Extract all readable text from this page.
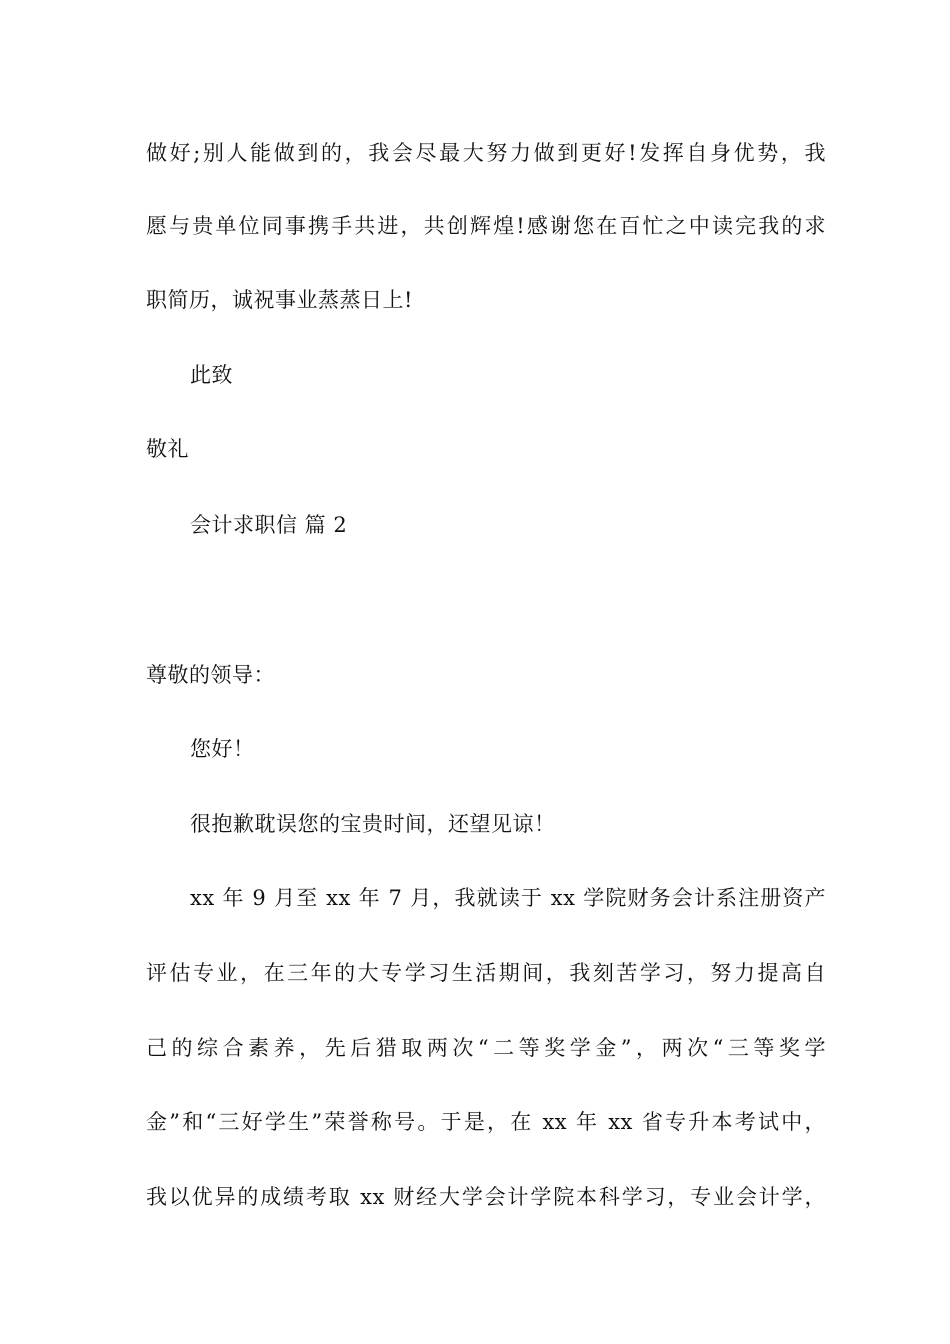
做好;别人能做到的，我会尽最大努力做到更好!发挥自身优势，我
愿与贵单位同事携手共进，共创辉煌!感谢您在百忙之中读完我的求
职简历，诚祝事业蒸蒸日上!
此致
敬礼
会计求职信 篇 2
尊敬的领导：
您好！
很抱歉耽误您的宝贵时间，还望见谅！
xx 年 9 月至 xx 年 7 月，我就读于 xx 学院财务会计系注册资产
评估专业，在三年的大专学习生活期间，我刻苦学习，努力提高自
己的综合素养，先后猎取两次“二等奖学金”，两次“三等奖学
金”和“三好学生”荣誉称号。于是，在 xx 年 xx 省专升本考试中，
我以优异的成绩考取 xx 财经大学会计学院本科学习，专业会计学，
